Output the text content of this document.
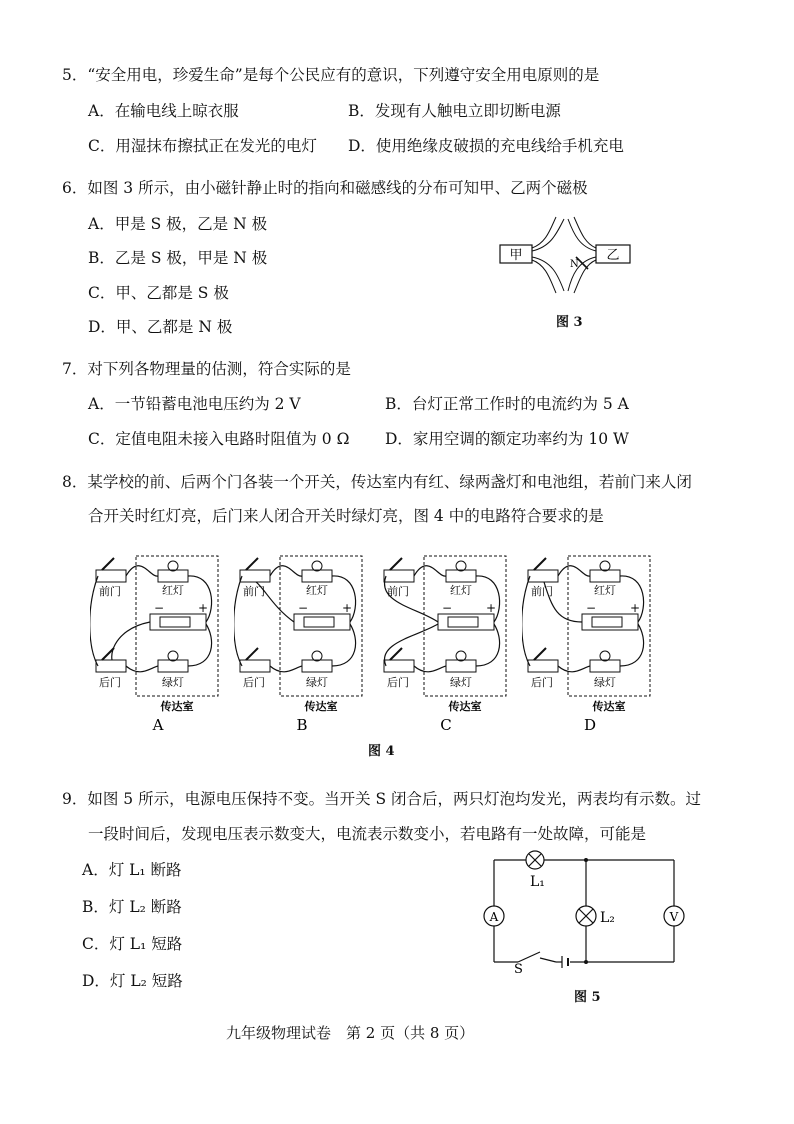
5．“安全用电，珍爱生命”是每个公民应有的意识，下列遵守安全用电原则的是
A．在输电线上晾衣服	B．发现有人触电立即切断电源
C．用湿抹布擦拭正在发光的电灯 D．使用绝缘皮破损的充电线给手机充电
6．如图 3 所示，由小磁针静止时的指向和磁感线的分布可知甲、乙两个磁极
A．甲是 S 极，乙是 N 极
B．乙是 S 极，甲是 N 极
C．甲、乙都是 S 极
D．甲、乙都是 N 极
甲	乙
N
图 3
7．对下列各物理量的估测，符合实际的是
A．一节铅蓄电池电压约为 2 V	B．台灯正常工作时的电流约为 5 A
C．定值电阻未接入电路时阻值为 0 Ω D．家用空调的额定功率约为 10 W
8．某学校的前、后两个门各装一个开关，传达室内有红、绿两盏灯和电池组，若前门来人闭
合开关时红灯亮，后门来人闭合开关时绿灯亮，图 4 中的电路符合要求的是
−	+
前门
后门
红灯
绿灯
传达室
A
−	+
前门
后门
红灯
绿灯
传达室
B
−	+
前门
后门
红灯
绿灯
传达室
C
−	+
前门
后门
红灯
绿灯
传达室
D
图 4
9．如图 5 所示，电源电压保持不变。当开关 S 闭合后，两只灯泡均发光，两表均有示数。过
一段时间后，发现电压表示数变大，电流表示数变小，若电路有一处故障，可能是
A．灯 L₁ 断路
B．灯 L₂ 断路
C．灯 L₁ 短路
D．灯 L₂ 短路
A	V
L₁
L₂
S
图 5
九年级物理试卷　第 2 页（共 8 页）
